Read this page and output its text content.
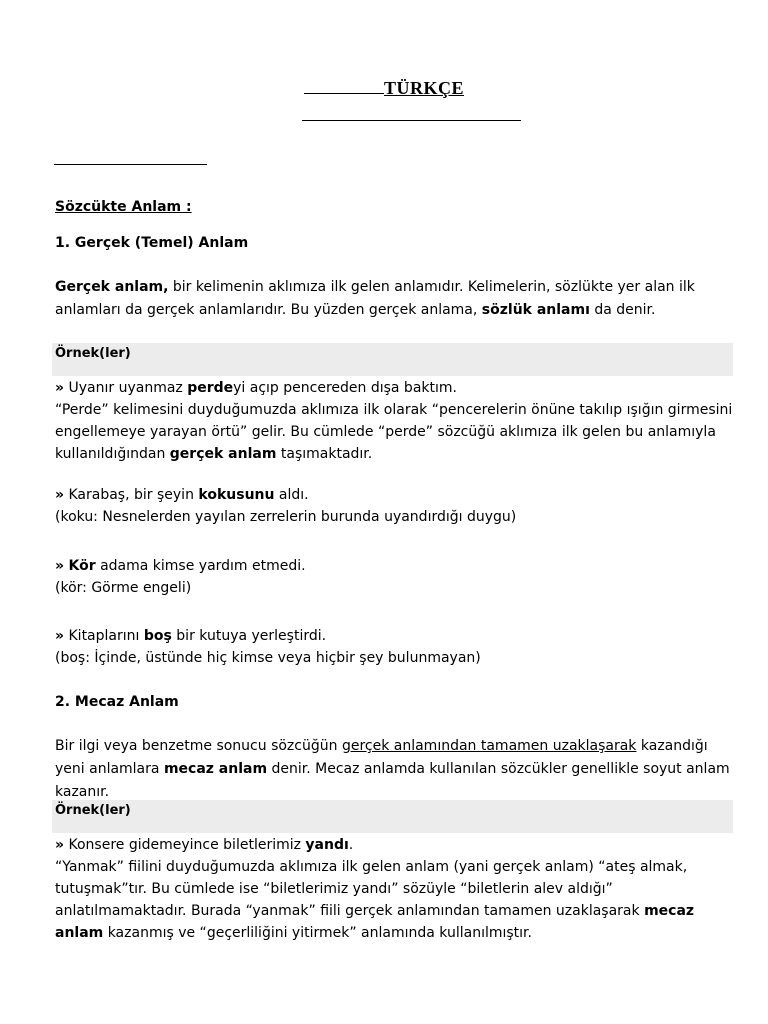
TÜRKÇE
Sözcükte Anlam :
1. Gerçek (Temel) Anlam
Gerçek anlam, bir kelimenin aklımıza ilk gelen anlamıdır. Kelimelerin, sözlükte yer alan ilk anlamları da gerçek anlamlarıdır. Bu yüzden gerçek anlama, sözlük anlamı da denir.
Örnek(ler)
» Uyanır uyanmaz perdeyi açıp pencereden dışa baktım.
“Perde” kelimesini duyduğumuzda aklımıza ilk olarak “pencerelerin önüne takılıp ışığın girmesini engellemeye yarayan örtü” gelir. Bu cümlede “perde” sözcüğü aklımıza ilk gelen bu anlamıyla kullanıldığından gerçek anlam taşımaktadır.
» Karabaş, bir şeyin kokusunu aldı.
(koku: Nesnelerden yayılan zerrelerin burunda uyandırdığı duygu)
» Kör adama kimse yardım etmedi.
(kör: Görme engeli)
» Kitaplarını boş bir kutuya yerleştirdi.
(boş: İçinde, üstünde hiç kimse veya hiçbir şey bulunmayan)
2. Mecaz Anlam
Bir ilgi veya benzetme sonucu sözcüğün gerçek anlamından tamamen uzaklaşarak kazandığı yeni anlamlara mecaz anlam denir. Mecaz anlamda kullanılan sözcükler genellikle soyut anlam kazanır.
Örnek(ler)
» Konsere gidemeyince biletlerimiz yandı.
“Yanmak” fiilini duyduğumuzda aklımıza ilk gelen anlam (yani gerçek anlam) “ateş almak, tutuşmak”tır. Bu cümlede ise “biletlerimiz yandı” sözüyle “biletlerin alev aldığı” anlatılmamaktadır. Burada “yanmak” fiili gerçek anlamından tamamen uzaklaşarak mecaz anlam kazanmış ve “geçerliliğini yitirmek” anlamında kullanılmıştır.
